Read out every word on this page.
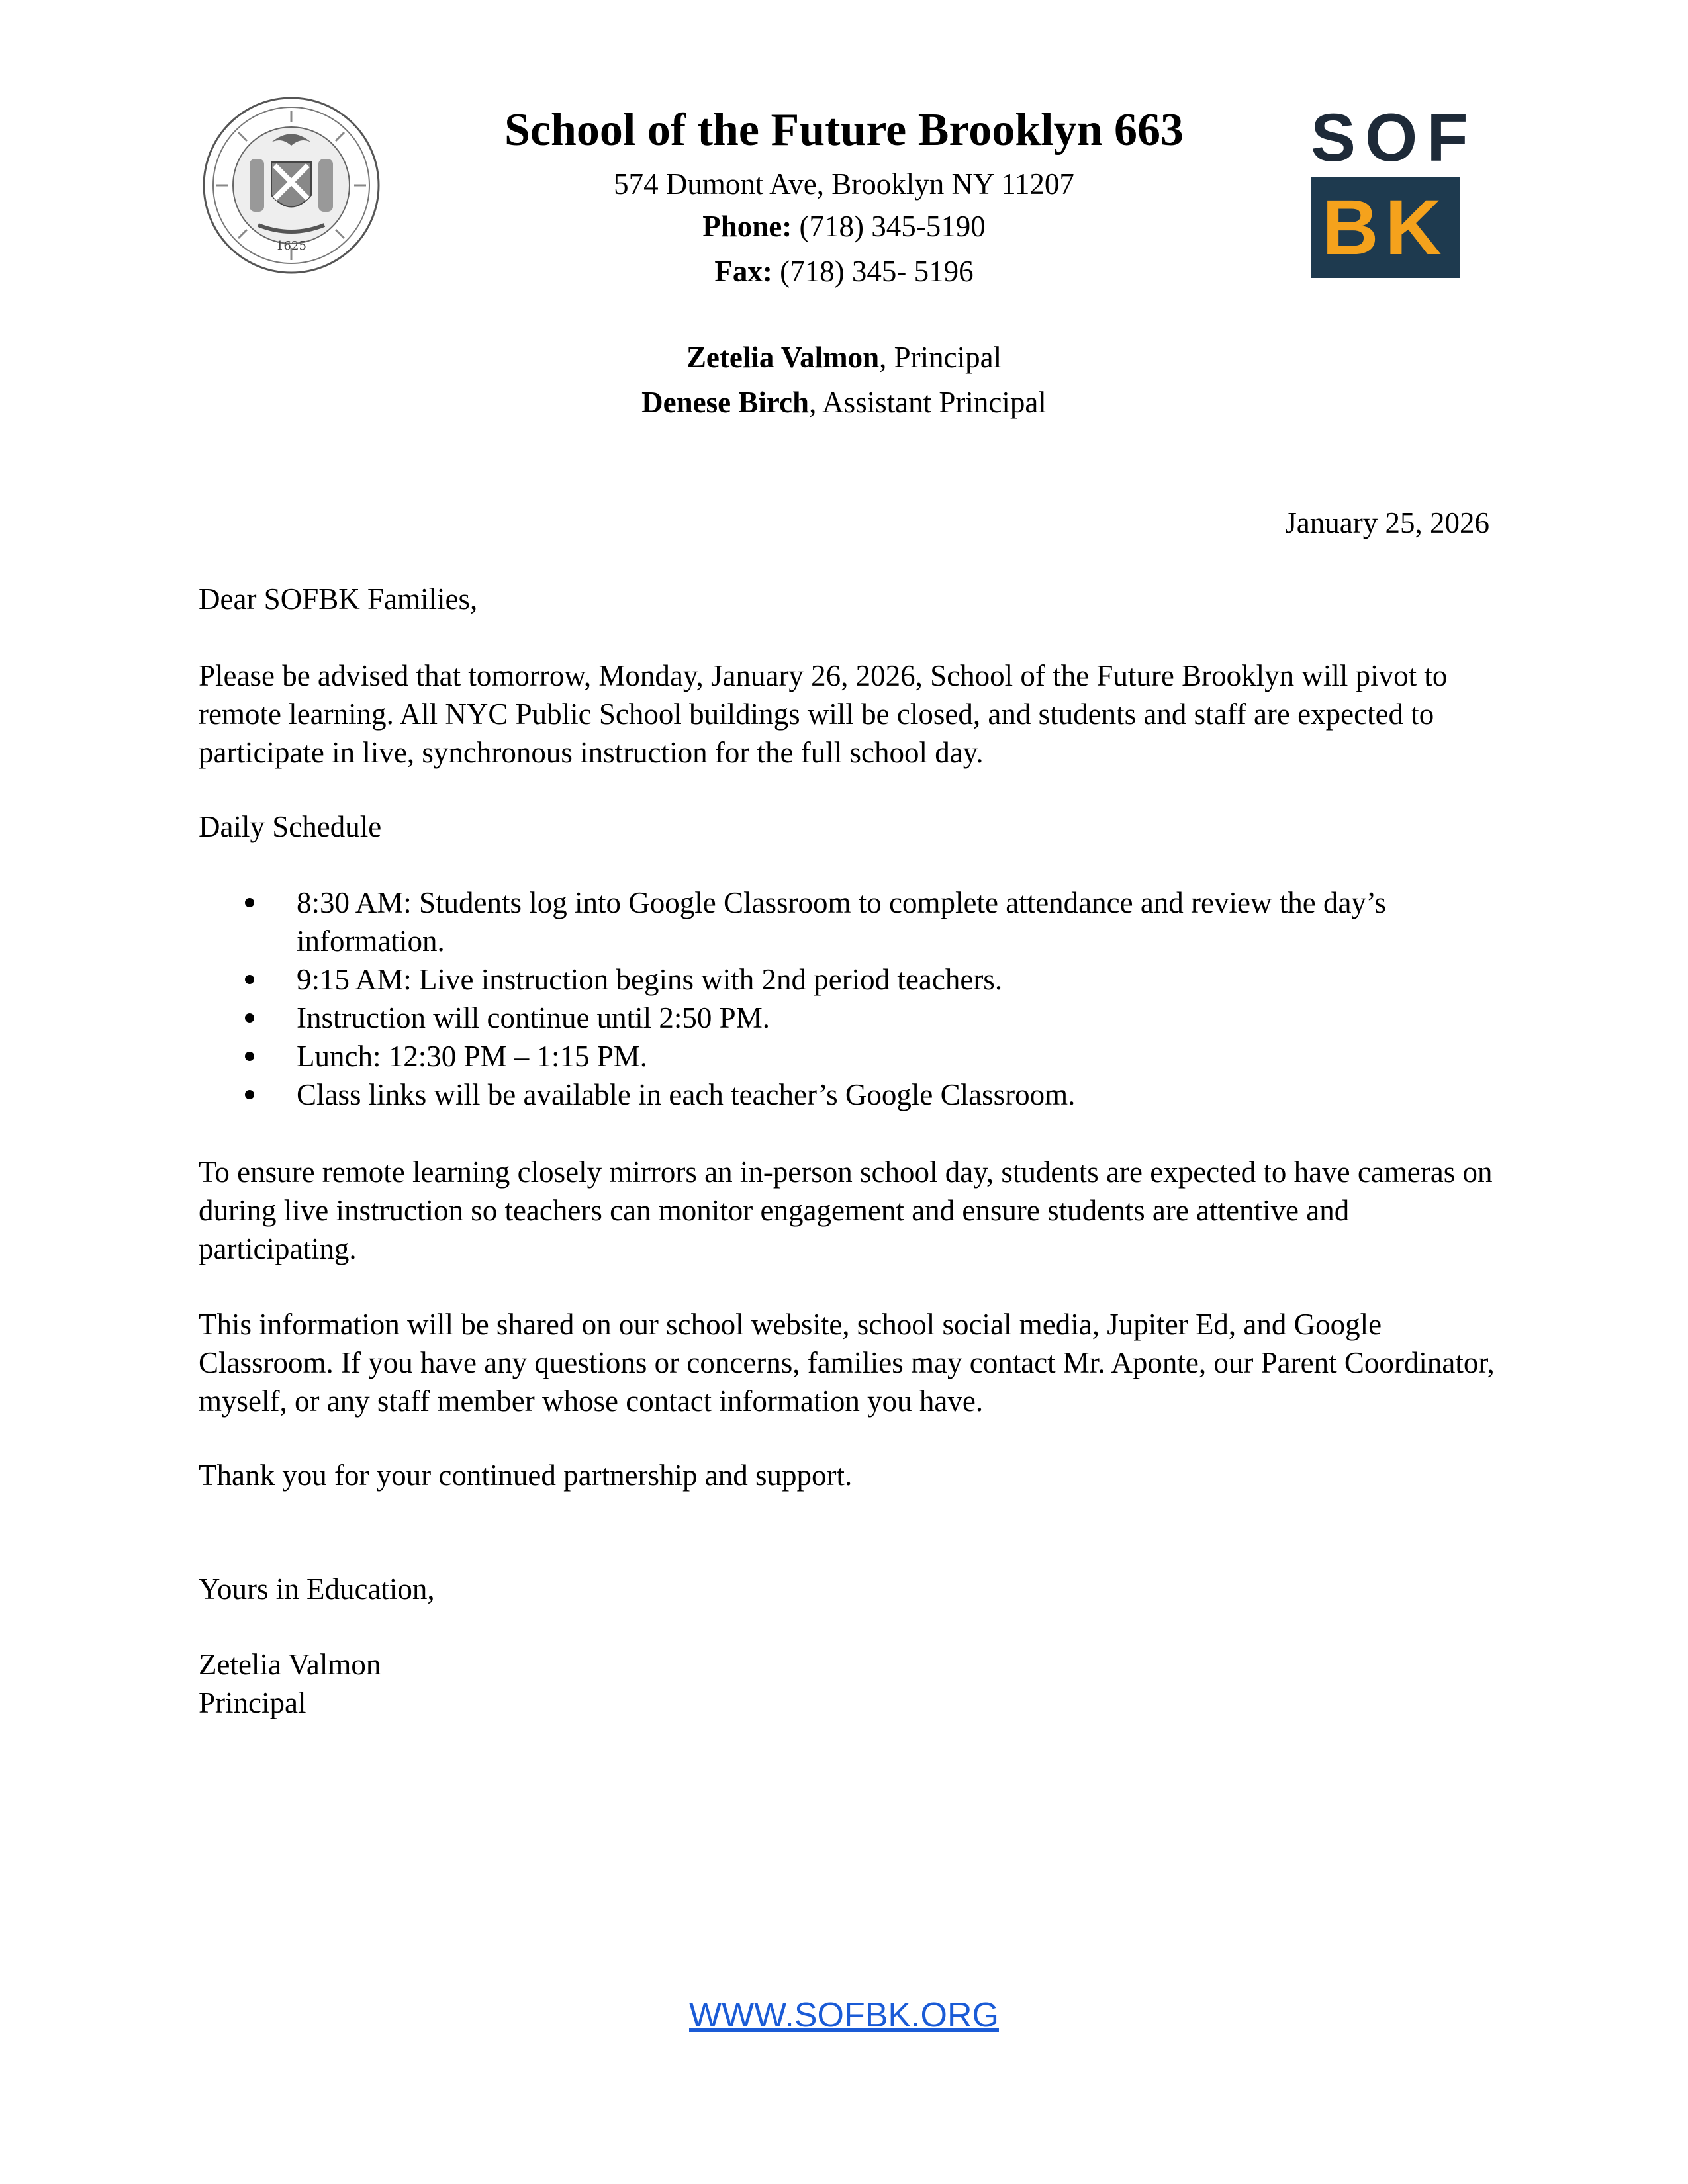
1625
SOF
BK
School of the Future Brooklyn 663
574 Dumont Ave, Brooklyn NY 11207
Phone: (718) 345-5190
Fax: (718) 345- 5196
Zetelia Valmon, Principal
Denese Birch, Assistant Principal
January 25, 2026

Dear SOFBK Families,

Please be advised that tomorrow, Monday, January 26, 2026, School of the Future Brooklyn will pivot to remote learning. All NYC Public School buildings will be closed, and students and staff are expected to participate in live, synchronous instruction for the full school day.

Daily Schedule

8:30 AM: Students log into Google Classroom to complete attendance and review the day’s information.
9:15 AM: Live instruction begins with 2nd period teachers.
Instruction will continue until 2:50 PM.
Lunch: 12:30 PM – 1:15 PM.
Class links will be available in each teacher’s Google Classroom.

To ensure remote learning closely mirrors an in-person school day, students are expected to have cameras on during live instruction so teachers can monitor engagement and ensure students are attentive and participating.

This information will be shared on our school website, school social media, Jupiter Ed, and Google Classroom. If you have any questions or concerns, families may contact Mr. Aponte, our Parent Coordinator, myself, or any staff member whose contact information you have.

Thank you for your continued partnership and support.

Yours in Education,

Zetelia Valmon

Principal

WWW.SOFBK.ORG
